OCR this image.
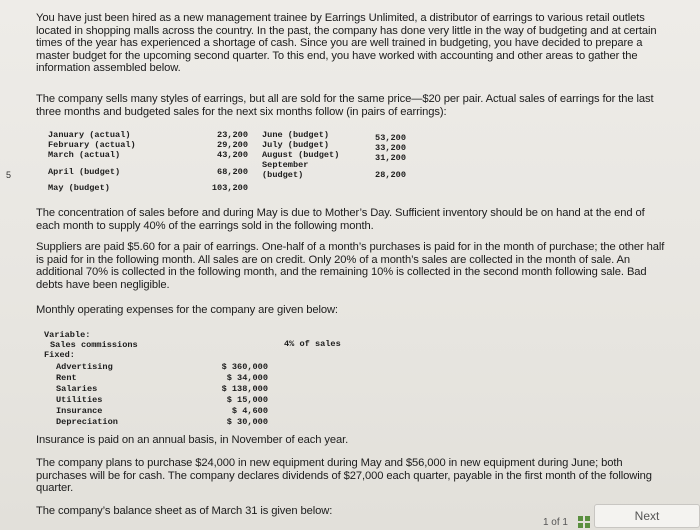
You have just been hired as a new management trainee by Earrings Unlimited, a distributor of earrings to various retail outlets located in shopping malls across the country. In the past, the company has done very little in the way of budgeting and at certain times of the year has experienced a shortage of cash. Since you are well trained in budgeting, you have decided to prepare a master budget for the upcoming second quarter. To this end, you have worked with accounting and other areas to gather the information assembled below.
The company sells many styles of earrings, but all are sold for the same price—$20 per pair. Actual sales of earrings for the last three months and budgeted sales for the next six months follow (in pairs of earrings):
January (actual)	23,200
February (actual)	29,200
March (actual)	43,200
April (budget)	68,200
May (budget)	103,200
June (budget)	53,200
July (budget)	33,200
August (budget)	31,200
September
(budget)	28,200
5
The concentration of sales before and during May is due to Mother’s Day. Sufficient inventory should be on hand at the end of each month to supply 40% of the earrings sold in the following month.
Suppliers are paid $5.60 for a pair of earrings. One-half of a month’s purchases is paid for in the month of purchase; the other half is paid for in the following month. All sales are on credit. Only 20% of a month’s sales are collected in the month of sale. An additional 70% is collected in the following month, and the remaining 10% is collected in the second month following sale. Bad debts have been negligible.
Monthly operating expenses for the company are given below:
Variable:
Sales commissions	4% of sales
Fixed:
Advertising	$ 360,000
Rent	$ 34,000
Salaries	$ 138,000
Utilities	$ 15,000
Insurance	$ 4,600
Depreciation	$ 30,000
Insurance is paid on an annual basis, in November of each year.
The company plans to purchase $24,000 in new equipment during May and $56,000 in new equipment during June; both purchases will be for cash. The company declares dividends of $27,000 each quarter, payable in the first month of the following quarter.
The company’s balance sheet as of March 31 is given below:
1 of 1	Next
